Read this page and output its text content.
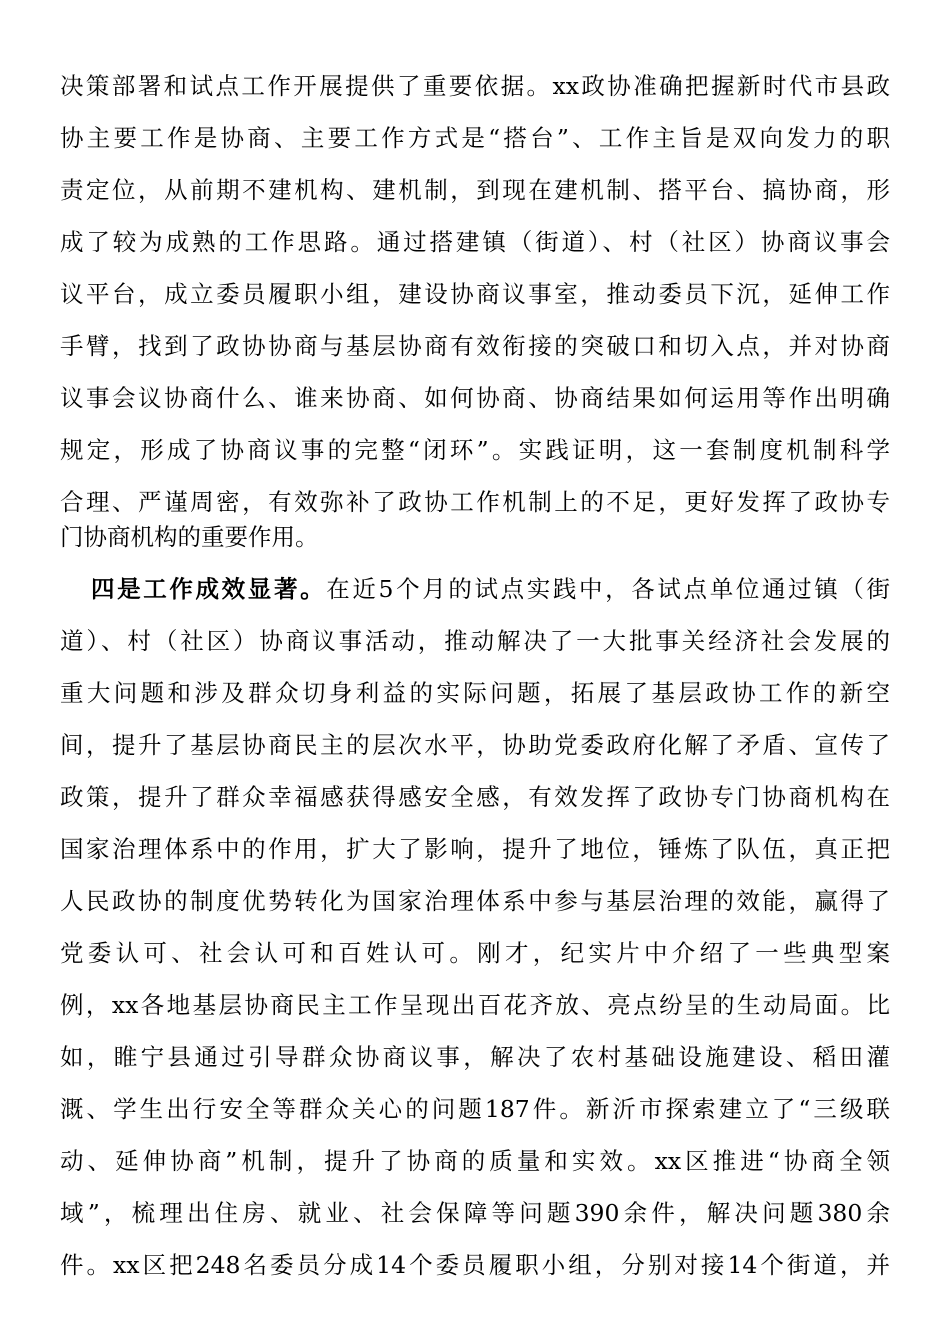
决策部署和试点工作开展提供了重要依据。xx政协准确把握新时代市县政
协主要工作是协商、主要工作方式是“搭台”、工作主旨是双向发力的职
责定位，从前期不建机构、建机制，到现在建机制、搭平台、搞协商，形
成了较为成熟的工作思路。通过搭建镇（街道）、村（社区）协商议事会
议平台，成立委员履职小组，建设协商议事室，推动委员下沉，延伸工作
手臂，找到了政协协商与基层协商有效衔接的突破口和切入点，并对协商
议事会议协商什么、谁来协商、如何协商、协商结果如何运用等作出明确
规定，形成了协商议事的完整“闭环”。实践证明，这一套制度机制科学
合理、严谨周密，有效弥补了政协工作机制上的不足，更好发挥了政协专
门协商机构的重要作用。
四是工作成效显著。在近5个月的试点实践中，各试点单位通过镇（街
道）、村（社区）协商议事活动，推动解决了一大批事关经济社会发展的
重大问题和涉及群众切身利益的实际问题，拓展了基层政协工作的新空
间，提升了基层协商民主的层次水平，协助党委政府化解了矛盾、宣传了
政策，提升了群众幸福感获得感安全感，有效发挥了政协专门协商机构在
国家治理体系中的作用，扩大了影响，提升了地位，锤炼了队伍，真正把
人民政协的制度优势转化为国家治理体系中参与基层治理的效能，赢得了
党委认可、社会认可和百姓认可。刚才，纪实片中介绍了一些典型案
例，xx各地基层协商民主工作呈现出百花齐放、亮点纷呈的生动局面。比
如，睢宁县通过引导群众协商议事，解决了农村基础设施建设、稻田灌
溉、学生出行安全等群众关心的问题187件。新沂市探索建立了“三级联
动、延伸协商”机制，提升了协商的质量和实效。xx区推进“协商全领
域”，梳理出住房、就业、社会保障等问题390余件，解决问题380余
件。xx区把248名委员分成14个委员履职小组，分别对接14个街道，并
